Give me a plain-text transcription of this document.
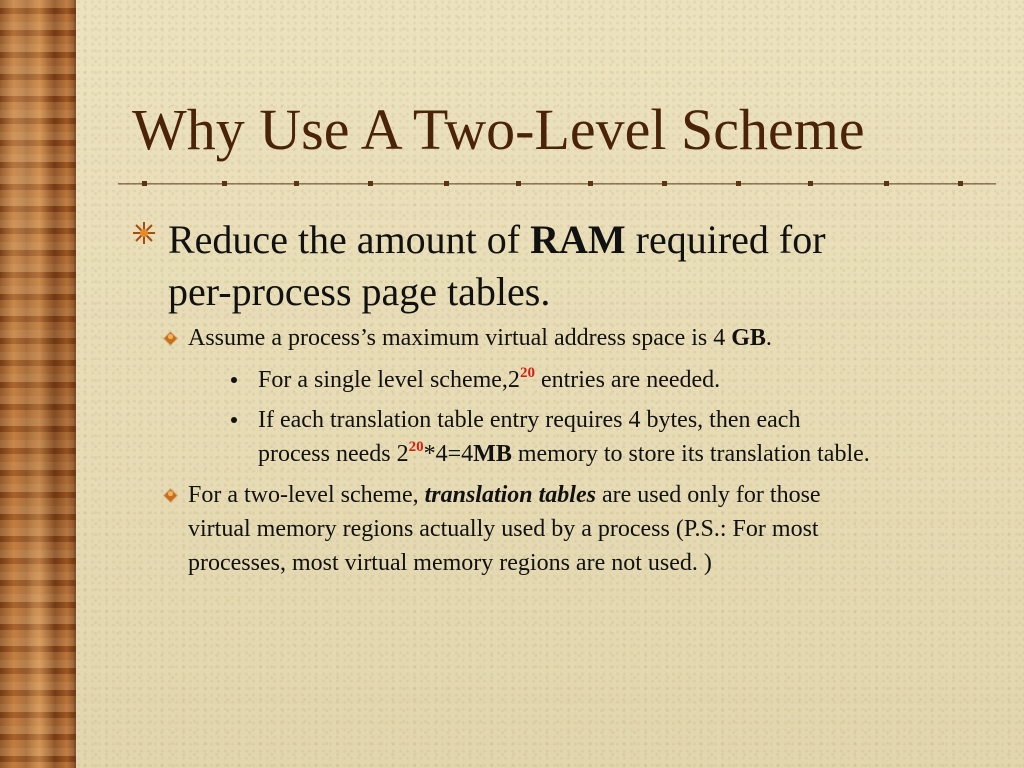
Why Use A Two-Level Scheme
Reduce the amount of RAM required for
per-process page tables.
Assume a process’s maximum virtual address space is 4 GB.
For a single level $scheme,2^{20}$ entries are needed.
If each translation table entry requires 4 bytes, then each
process needs $2^{20}*4=4MB$ memory to store its translation table.
For a two-level scheme, translation tables are used only for those
virtual memory regions actually used by a process (P.S.: For most
processes, most virtual memory regions are not used. )
